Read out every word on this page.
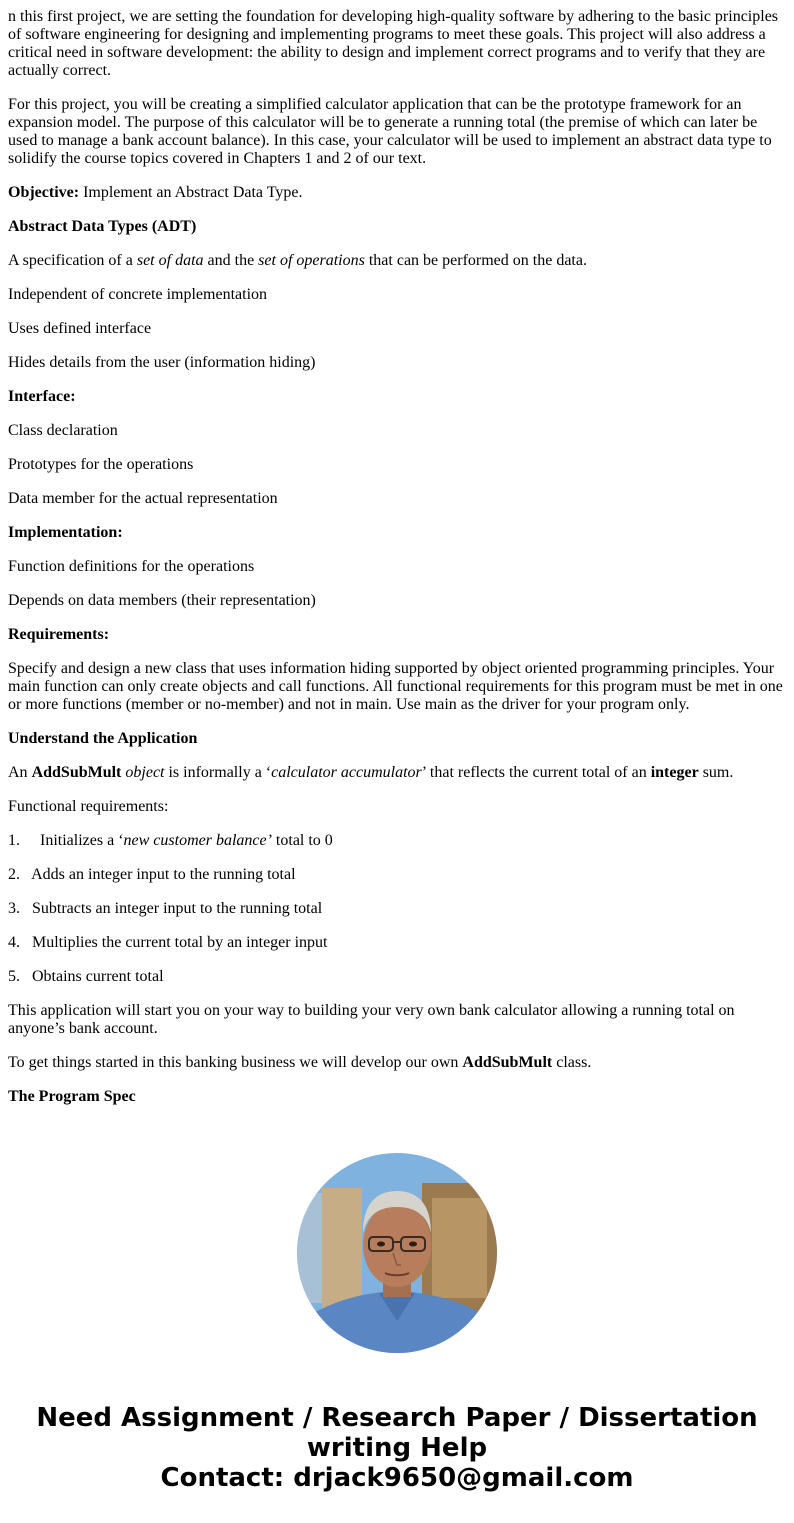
n this first project, we are setting the foundation for developing high-quality software by adhering to the basic principles of software engineering for designing and implementing programs to meet these goals. This project will also address a critical need in software development: the ability to design and implement correct programs and to verify that they are actually correct.

For this project, you will be creating a simplified calculator application that can be the prototype framework for an expansion model. The purpose of this calculator will be to generate a running total (the premise of which can later be used to manage a bank account balance). In this case, your calculator will be used to implement an abstract data type to solidify the course topics covered in Chapters 1 and 2 of our text.

Objective: Implement an Abstract Data Type.

Abstract Data Types (ADT)

A specification of a set of data and the set of operations that can be performed on the data.

Independent of concrete implementation

Uses defined interface

Hides details from the user (information hiding)

Interface:

Class declaration

Prototypes for the operations

Data member for the actual representation

Implementation:

Function definitions for the operations

Depends on data members (their representation)

Requirements:

Specify and design a new class that uses information hiding supported by object oriented programming principles. Your main function can only create objects and call functions. All functional requirements for this program must be met in one or more functions (member or no-member) and not in main. Use main as the driver for your program only.

Understand the Application

An AddSubMult object is informally a ‘calculator accumulator’ that reflects the current total of an integer sum.

Functional requirements:

1.     Initializes a ‘new customer balance’ total to 0

2.   Adds an integer input to the running total

3.   Subtracts an integer input to the running total

4.   Multiplies the current total by an integer input

5.   Obtains current total

This application will start you on your way to building your very own bank calculator allowing a running total on anyone’s bank account.

To get things started in this banking business we will develop our own AddSubMult class.

The Program Spec

Need Assignment / Research Paper / Dissertation
writing Help
Contact: drjack9650@gmail.com
